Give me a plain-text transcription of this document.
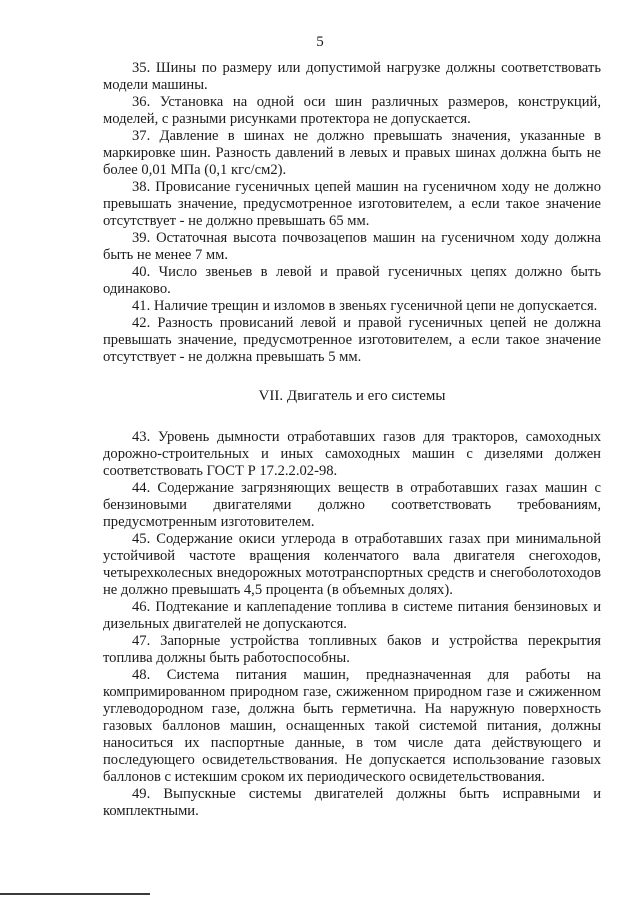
5

35. Шины по размеру или допустимой нагрузке должны соответствовать модели машины.

36. Установка на одной оси шин различных размеров, конструкций, моделей, с разными рисунками протектора не допускается.

37. Давление в шинах не должно превышать значения, указанные в маркировке шин. Разность давлений в левых и правых шинах должна быть не более 0,01 МПа (0,1 кгс/см2).

38. Провисание гусеничных цепей машин на гусеничном ходу не должно превышать значение, предусмотренное изготовителем, а если такое значение отсутствует - не должно превышать 65 мм.

39. Остаточная высота почвозацепов машин на гусеничном ходу должна быть не менее 7 мм.

40. Число звеньев в левой и правой гусеничных цепях должно быть одинаково.

41. Наличие трещин и изломов в звеньях гусеничной цепи не допускается.

42. Разность провисаний левой и правой гусеничных цепей не должна превышать значение, предусмотренное изготовителем, а если такое значение отсутствует - не должна превышать 5 мм.

VII. Двигатель и его системы

43. Уровень дымности отработавших газов для тракторов, самоходных дорожно-строительных и иных самоходных машин с дизелями должен соответствовать ГОСТ Р 17.2.2.02-98.

44. Содержание загрязняющих веществ в отработавших газах машин с бензиновыми двигателями должно соответствовать требованиям, предусмотренным изготовителем.

45. Содержание окиси углерода в отработавших газах при минимальной устойчивой частоте вращения коленчатого вала двигателя снегоходов, четырехколесных внедорожных мототранспортных средств и снегоболотоходов не должно превышать 4,5 процента (в объемных долях).

46. Подтекание и каплепадение топлива в системе питания бензиновых и дизельных двигателей не допускаются.

47. Запорные устройства топливных баков и устройства перекрытия топлива должны быть работоспособны.

48. Система питания машин, предназначенная для работы на компримированном природном газе, сжиженном природном газе и сжиженном углеводородном газе, должна быть герметична. На наружную поверхность газовых баллонов машин, оснащенных такой системой питания, должны наноситься их паспортные данные, в том числе дата действующего и последующего освидетельствования. Не допускается использование газовых баллонов с истекшим сроком их периодического освидетельствования.

49. Выпускные системы двигателей должны быть исправными и комплектными.
